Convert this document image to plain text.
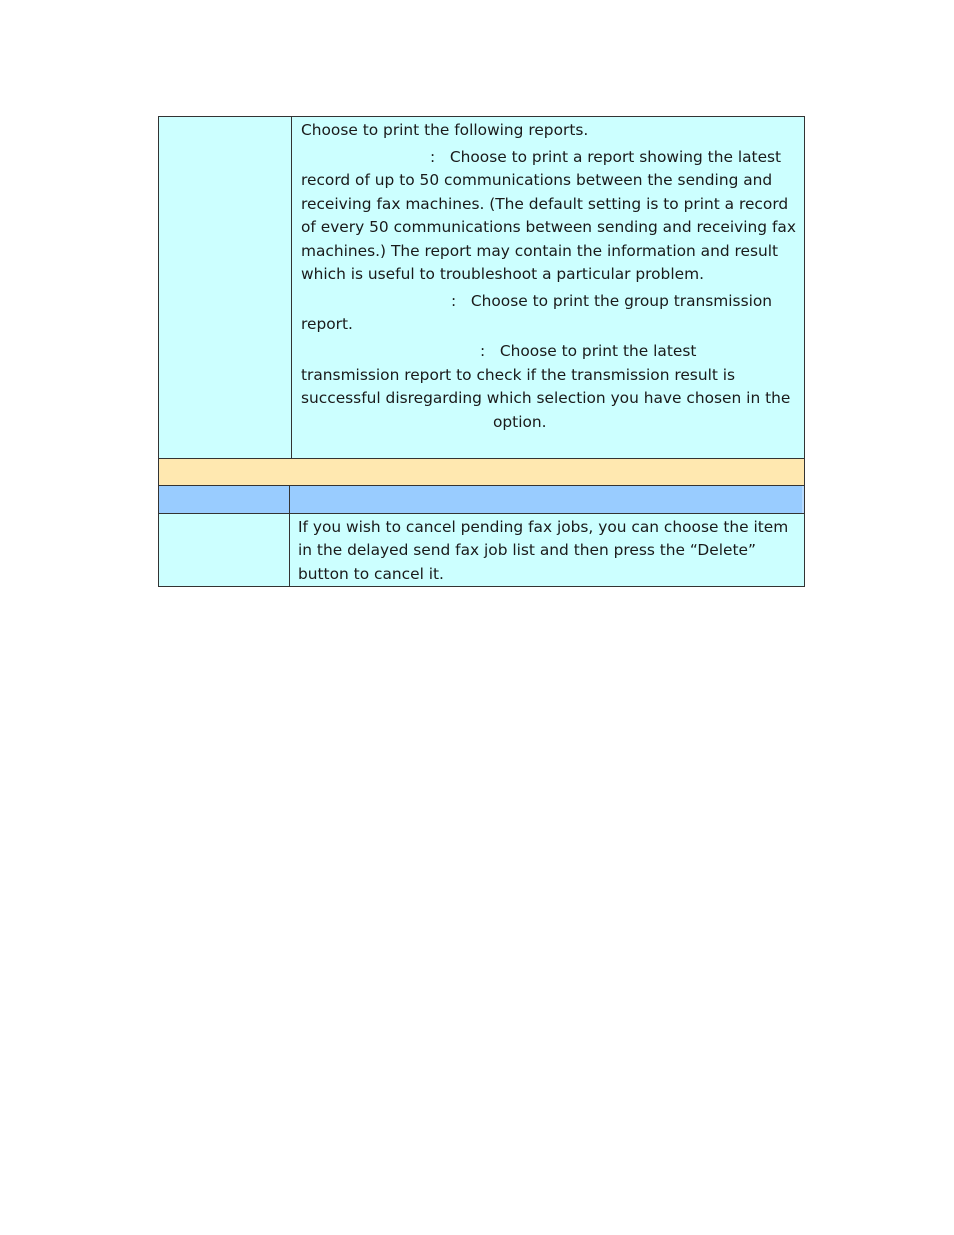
Choose to print the following reports.

: Choose to print a report showing the latest record of up to 50 communications between the sending and receiving fax machines. (The default setting is to print a record of every 50 communications between sending and receiving fax machines.) The report may contain the information and result which is useful to troubleshoot a particular problem.

: Choose to print the group transmission report.

: Choose to print the latest transmission report to check if the transmission result is successful disregarding which selection you have chosen in theoption.

If you wish to cancel pending fax jobs, you can choose the item in the delayed send fax job list and then press the “Delete” button to cancel it.
